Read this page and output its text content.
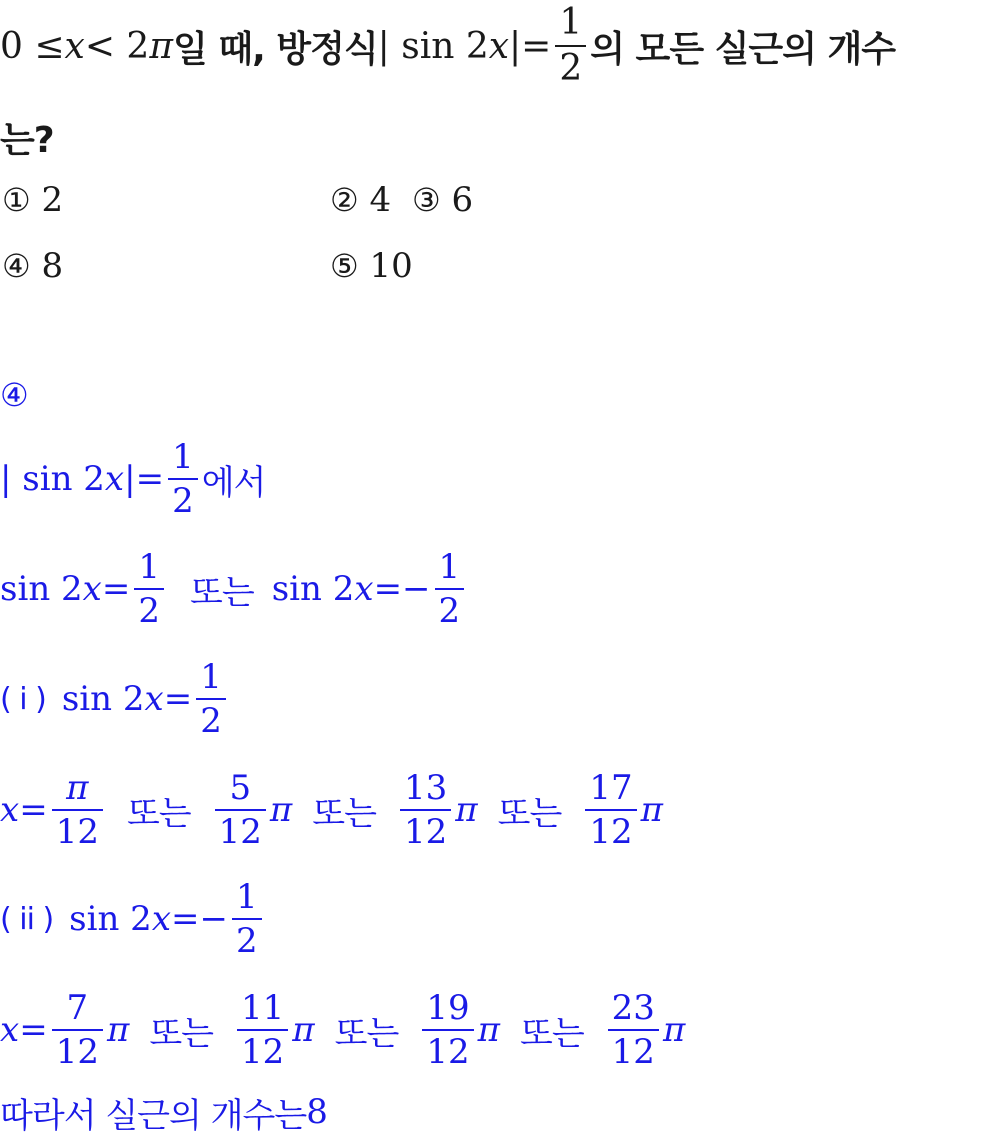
0 ≤ x < 2 π 일 때, 방정식 | sin 2 x |= $\frac{1}{2}$ 의 모든 실근의 개수
는?
① 2	② 4 ③ 6
④ 8	⑤ 10
④
| sin 2 x |= $\frac{1}{2}$ 에서
sin 2 $x = \frac{1}{2}$ 또는 sin 2 $x =- \frac{1}{2}$
( i ) sin 2 $x = \frac{1}{2}$
$x = \frac{\pi}{12}$ 또는 $\frac{5}{12}$ π 또는 $\frac{13}{12}$ π 또는 $\frac{17}{12}$ π
( ii ) sin 2 $x =- \frac{1}{2}$
$x = \frac{7}{12}$ π 또는 $\frac{11}{12}$ π 또는 $\frac{19}{12}$ π 또는 $\frac{23}{12}$ π
따라서 실근의 개수는 8
